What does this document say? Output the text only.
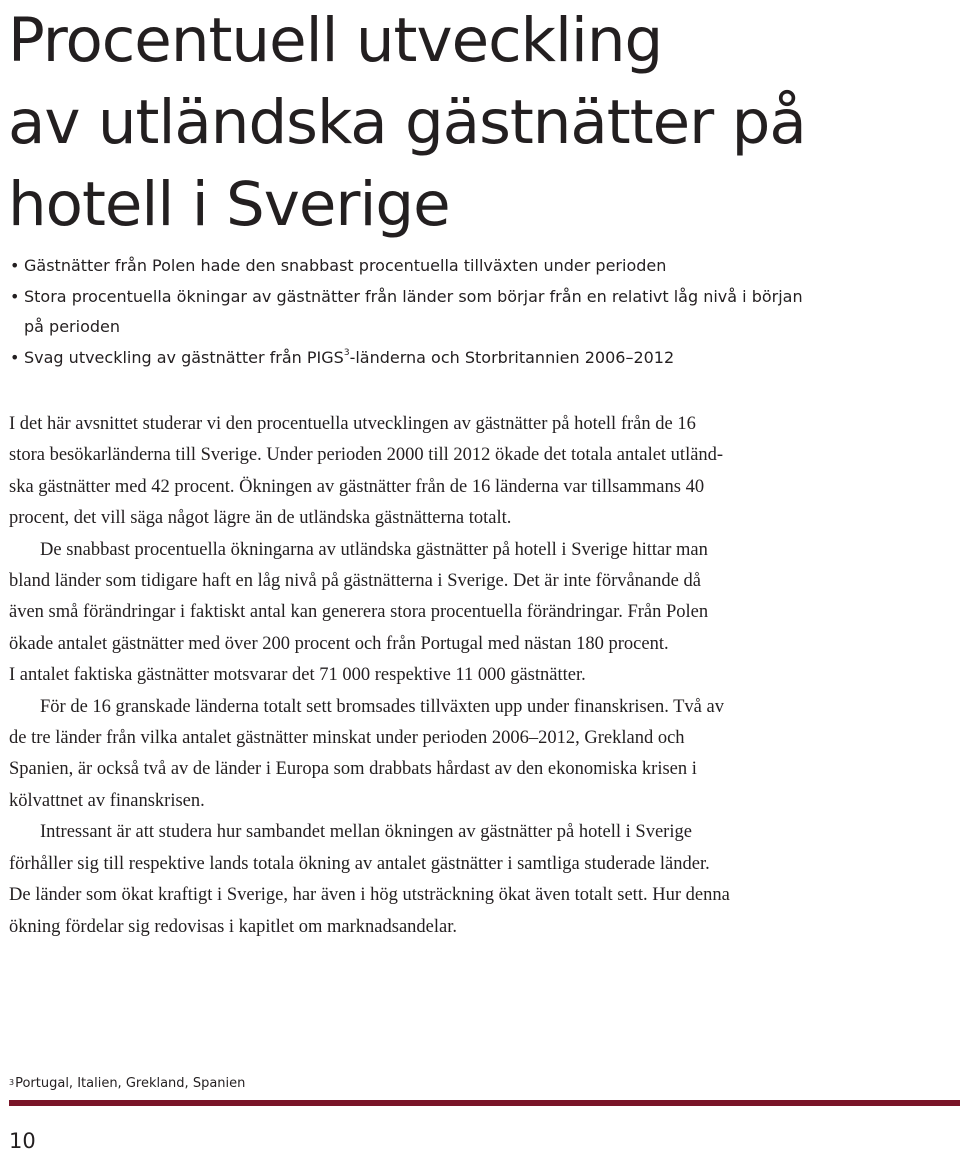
Procentuell utveckling
av utländska gästnätter på
hotell i Sverige
• Gästnätter från Polen hade den snabbast procentuella tillväxten under perioden
• Stora procentuella ökningar av gästnätter från länder som börjar från en relativt låg nivå i början
på perioden
• Svag utveckling av gästnätter från PIGS$^3$-länderna och Storbritannien 2006–2012

I det här avsnittet studerar vi den procentuella utvecklingen av gästnätter på hotell från de 16
stora besökarländerna till Sverige. Under perioden 2000 till 2012 ökade det totala antalet utländ-
ska gästnätter med 42 procent. Ökningen av gästnätter från de 16 länderna var tillsammans 40
procent, det vill säga något lägre än de utländska gästnätterna totalt.

De snabbast procentuella ökningarna av utländska gästnätter på hotell i Sverige hittar man
bland länder som tidigare haft en låg nivå på gästnätterna i Sverige. Det är inte förvånande då
även små förändringar i faktiskt antal kan generera stora procentuella förändringar. Från Polen
ökade antalet gästnätter med över 200 procent och från Portugal med nästan 180 procent.
I antalet faktiska gästnätter motsvarar det 71 000 respektive 11 000 gästnätter.

För de 16 granskade länderna totalt sett bromsades tillväxten upp under finanskrisen. Två av
de tre länder från vilka antalet gästnätter minskat under perioden 2006–2012, Grekland och
Spanien, är också två av de länder i Europa som drabbats hårdast av den ekonomiska krisen i
kölvattnet av finanskrisen.

Intressant är att studera hur sambandet mellan ökningen av gästnätter på hotell i Sverige
förhåller sig till respektive lands totala ökning av antalet gästnätter i samtliga studerade länder.
De länder som ökat kraftigt i Sverige, har även i hög utsträckning ökat även totalt sett. Hur denna
ökning fördelar sig redovisas i kapitlet om marknadsandelar.

$^3$Portugal, Italien, Grekland, Spanien
10
